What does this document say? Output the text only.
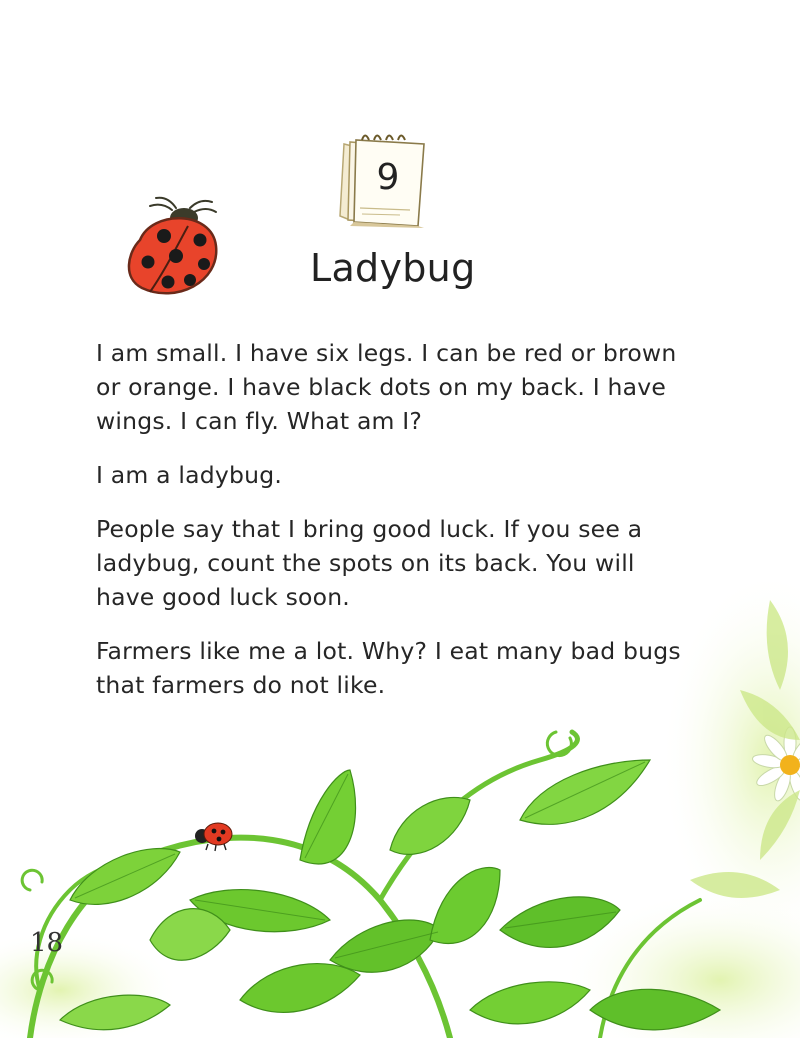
9
Ladybug

I am small. I have six legs. I can be red or brown or orange. I have black dots on my back. I have wings. I can fly. What am I?

I am a ladybug.

People say that I bring good luck. If you see a ladybug, count the spots on its back. You will have good luck soon.

Farmers like me a lot. Why? I eat many bad bugs that farmers do not like.

18
book-reader.ch
